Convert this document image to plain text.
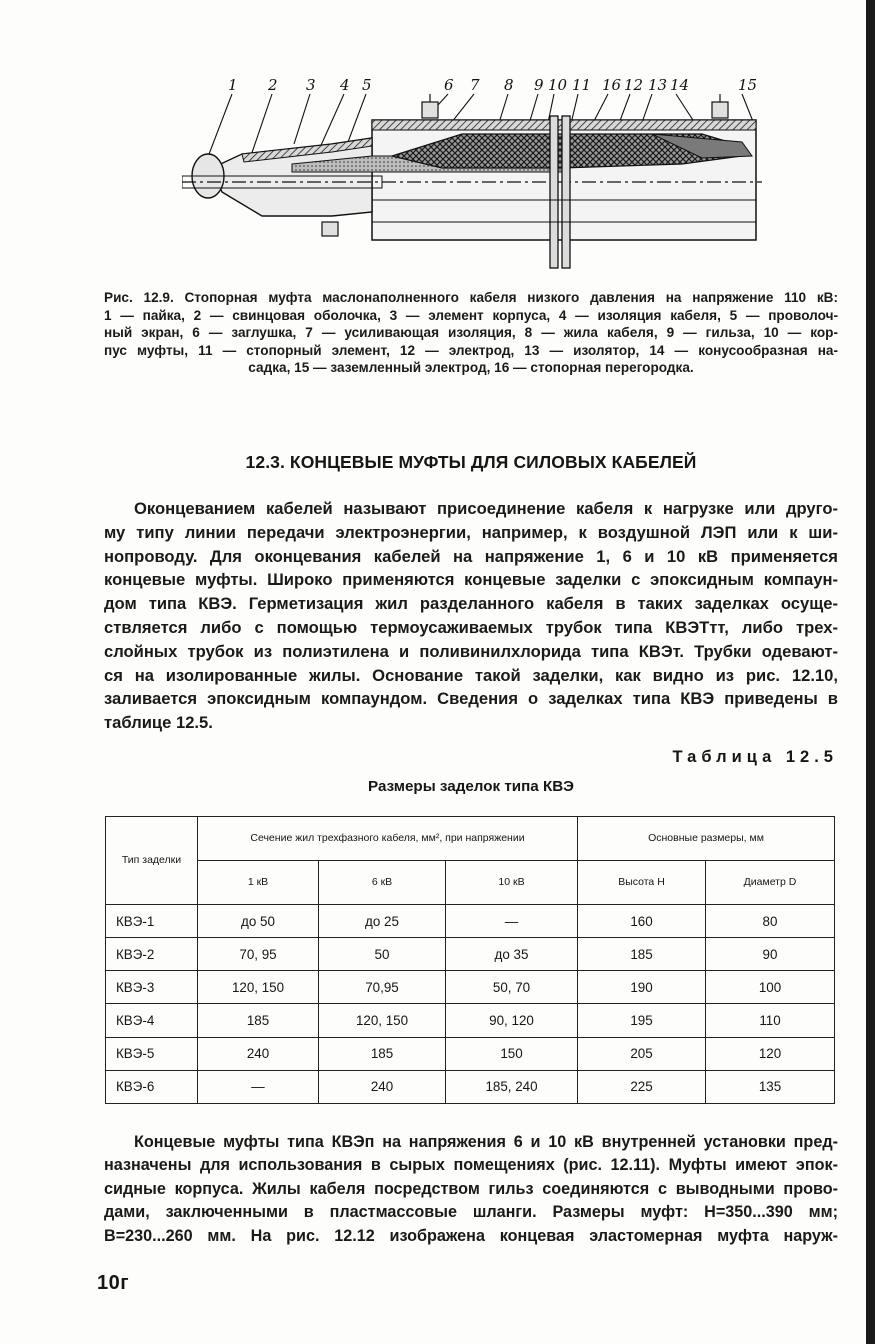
1 2 3 4 5	6 7 8 9 10 11 16 12 13 14	15
Рис. 12.9. Стопорная муфта маслонаполненного кабеля низкого давления на напряжение 110 кВ:
1 — пайка, 2 — свинцовая оболочка, 3 — элемент корпуса, 4 — изоляция кабеля, 5 — проволоч-
ный экран, 6 — заглушка, 7 — усиливающая изоляция, 8 — жила кабеля, 9 — гильза, 10 — кор-
пус муфты, 11 — стопорный элемент, 12 — электрод, 13 — изолятор, 14 — конусообразная на-
садка, 15 — заземленный электрод, 16 — стопорная перегородка.
12.3. КОНЦЕВЫЕ МУФТЫ ДЛЯ СИЛОВЫХ КАБЕЛЕЙ
Оконцеванием кабелей называют присоединение кабеля к нагрузке или друго-
му типу линии передачи электроэнергии, например, к воздушной ЛЭП или к ши-
нопроводу. Для оконцевания кабелей на напряжение 1, 6 и 10 кВ применяется
концевые муфты. Широко применяются концевые заделки с эпоксидным компаун-
дом типа КВЭ. Герметизация жил разделанного кабеля в таких заделках осуще-
ствляется либо с помощью термоусаживаемых трубок типа КВЭТтт, либо трех-
слойных трубок из полиэтилена и поливинилхлорида типа КВЭт. Трубки одевают-
ся на изолированные жилы. Основание такой заделки, как видно из рис. 12.10,
заливается эпоксидным компаундом. Сведения о заделках типа КВЭ приведены в
таблице 12.5.
Таблица 12.5
Размеры заделок типа КВЭ
Тип заделки	Сечение жил трехфазного кабеля, мм², при напряжении			Основные размеры, мм	
	1 кВ	6 кВ	10 кВ	Высота Н	Диаметр D
КВЭ-1	до 50	до 25	—	160	80
КВЭ-2	70, 95	50	до 35	185	90
КВЭ-3	120, 150	70,95	50, 70	190	100
КВЭ-4	185	120, 150	90, 120	195	110
КВЭ-5	240	185	150	205	120
КВЭ-6	—	240	185, 240	225	135
Концевые муфты типа КВЭп на напряжения 6 и 10 кВ внутренней установки пред-
назначены для использования в сырых помещениях (рис. 12.11). Муфты имеют эпок-
сидные корпуса. Жилы кабеля посредством гильз соединяются с выводными прово-
дами, заключенными в пластмассовые шланги. Размеры муфт: Н=350...390 мм;
В=230...260 мм. На рис. 12.12 изображена концевая эластомерная муфта наруж-
10г
